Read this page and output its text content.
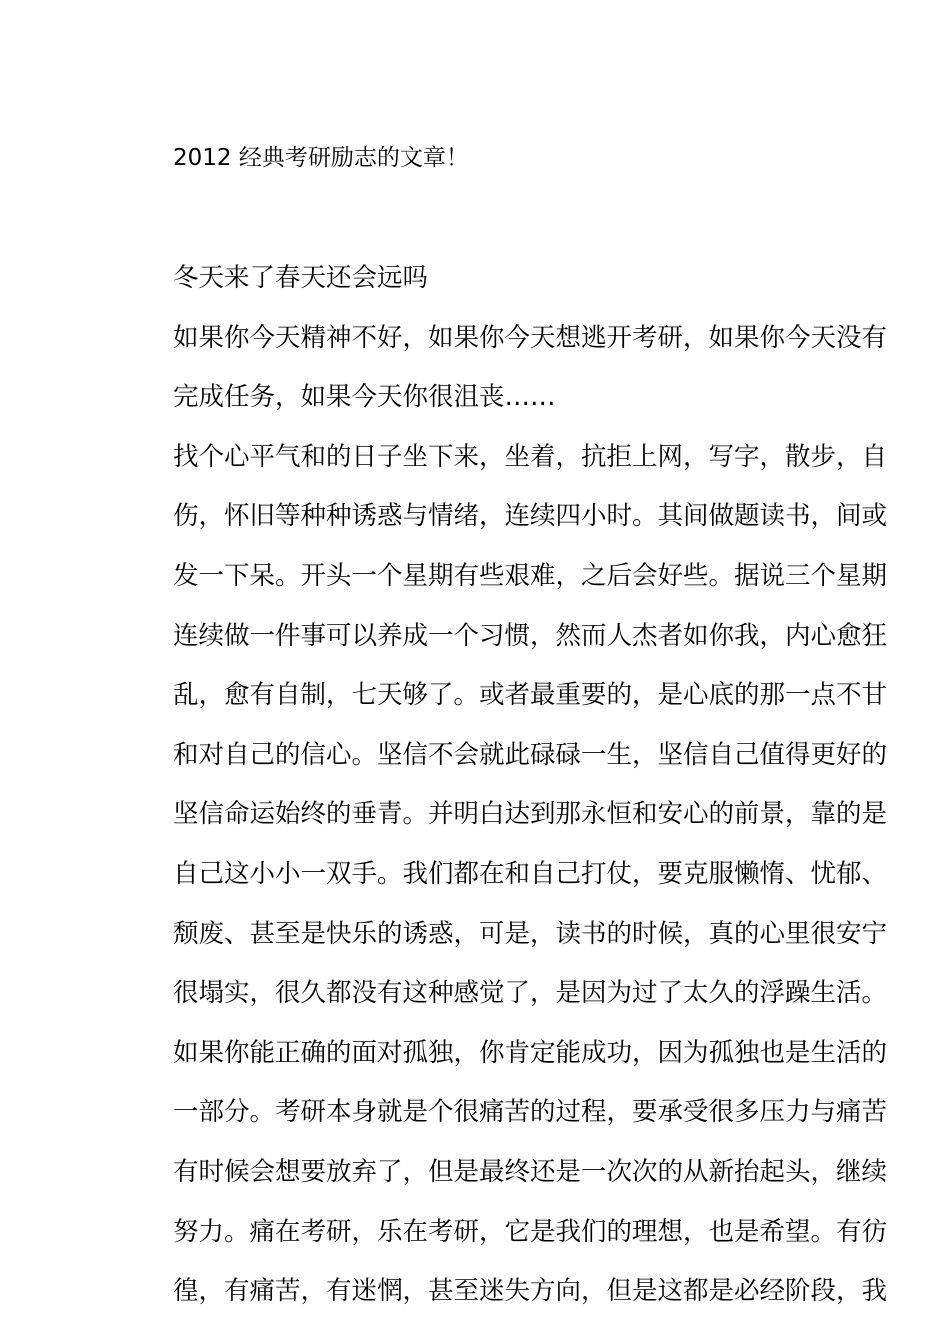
2012 经典考研励志的文章！
冬天来了春天还会远吗
如果你今天精神不好，如果你今天想逃开考研，如果你今天没有
完成任务，如果今天你很沮丧……
找个心平气和的日子坐下来，坐着，抗拒上网，写字，散步，自
伤，怀旧等种种诱惑与情绪，连续四小时。其间做题读书，间或
发一下呆。开头一个星期有些艰难，之后会好些。据说三个星期
连续做一件事可以养成一个习惯，然而人杰者如你我，内心愈狂
乱，愈有自制，七天够了。或者最重要的，是心底的那一点不甘
和对自己的信心。坚信不会就此碌碌一生，坚信自己值得更好的
坚信命运始终的垂青。并明白达到那永恒和安心的前景，靠的是
自己这小小一双手。我们都在和自己打仗，要克服懒惰、忧郁、
颓废、甚至是快乐的诱惑，可是，读书的时候，真的心里很安宁
很塌实，很久都没有这种感觉了，是因为过了太久的浮躁生活。
如果你能正确的面对孤独，你肯定能成功，因为孤独也是生活的
一部分。考研本身就是个很痛苦的过程，要承受很多压力与痛苦
有时候会想要放弃了，但是最终还是一次次的从新抬起头，继续
努力。痛在考研，乐在考研，它是我们的理想，也是希望。有彷
徨，有痛苦，有迷惘，甚至迷失方向，但是这都是必经阶段，我
